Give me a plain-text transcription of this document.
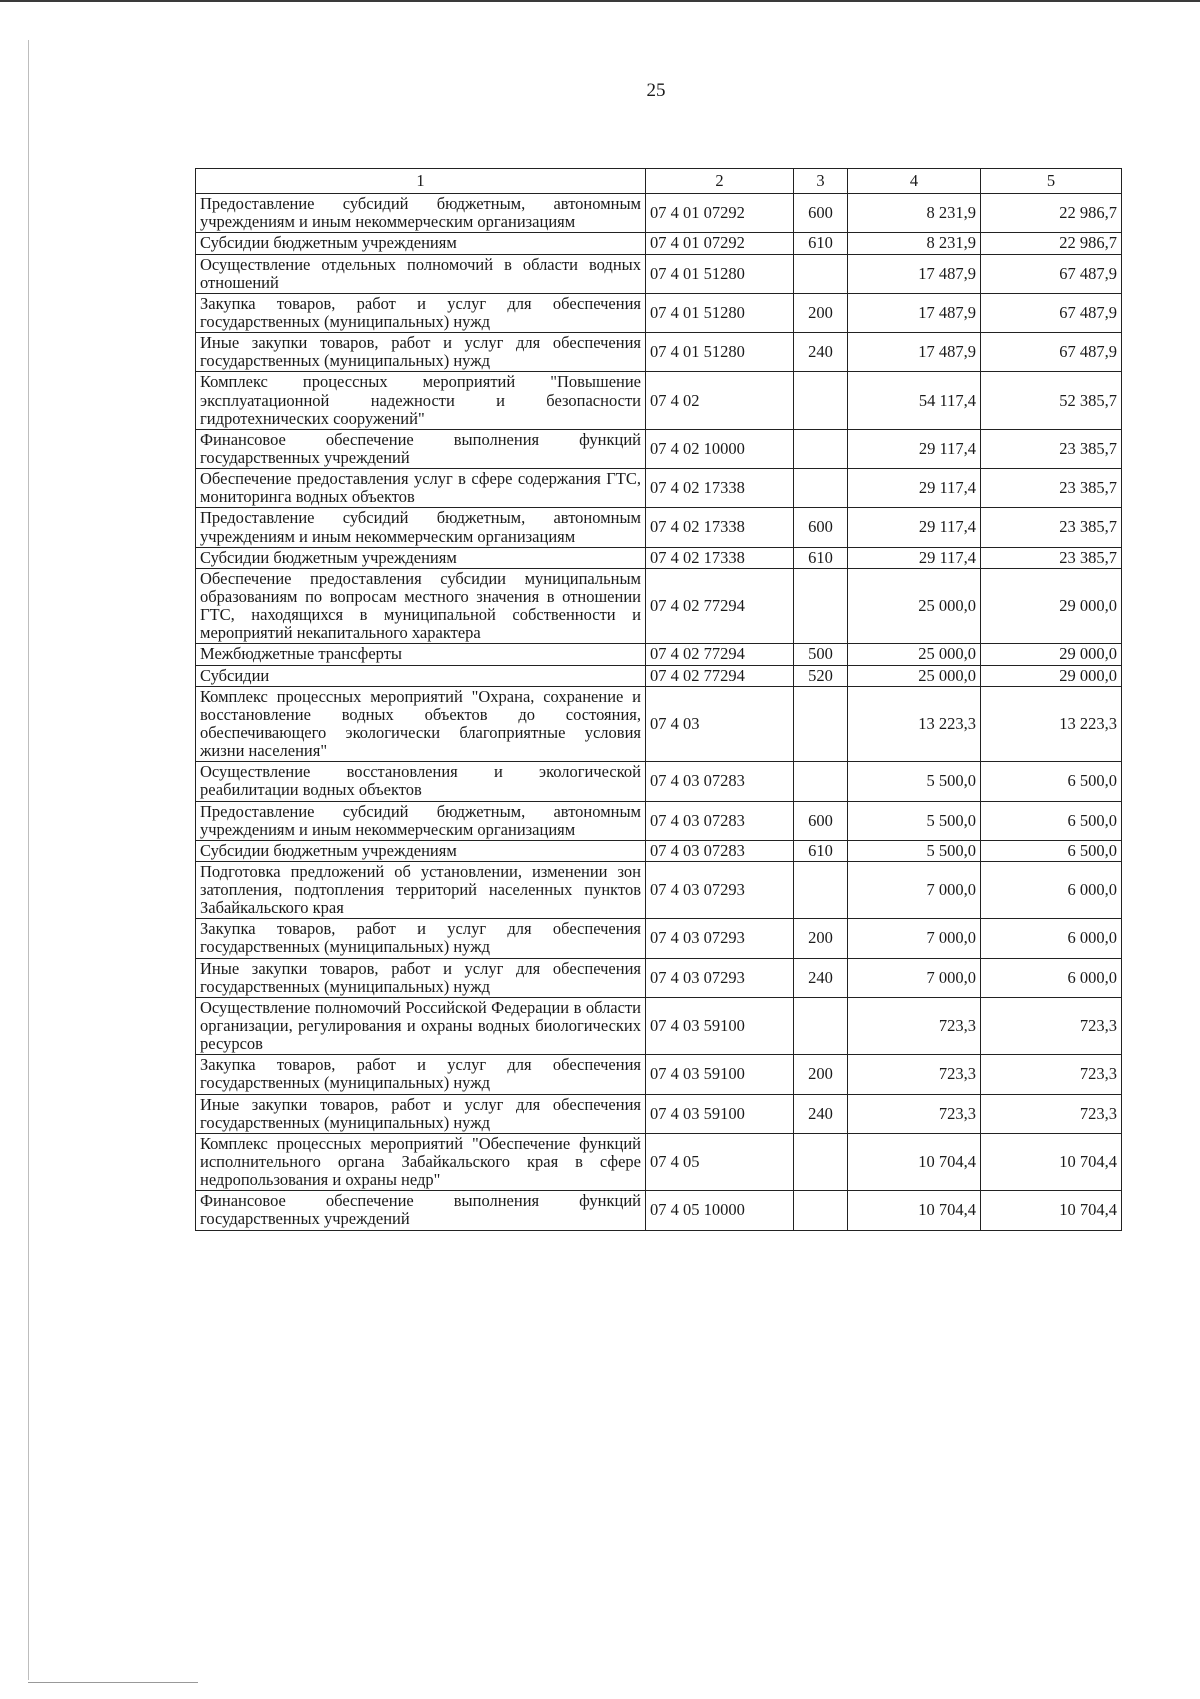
25
1	2	3	4	5
Предоставление субсидий бюджетным, автономным учреждениям и иным некоммерческим организациям	07 4 01 07292	600	8 231,9	22 986,7
Субсидии бюджетным учреждениям	07 4 01 07292	610	8 231,9	22 986,7
Осуществление отдельных полномочий в области водных отношений	07 4 01 51280		17 487,9	67 487,9
Закупка товаров, работ и услуг для обеспечения государственных (муниципальных) нужд	07 4 01 51280	200	17 487,9	67 487,9
Иные закупки товаров, работ и услуг для обеспечения государственных (муниципальных) нужд	07 4 01 51280	240	17 487,9	67 487,9
Комплекс процессных мероприятий "Повышение эксплуатационной надежности и безопасности гидротехнических сооружений"	07 4 02		54 117,4	52 385,7
Финансовое обеспечение выполнения функций государственных учреждений	07 4 02 10000		29 117,4	23 385,7
Обеспечение предоставления услуг в сфере содержания ГТС, мониторинга водных объектов	07 4 02 17338		29 117,4	23 385,7
Предоставление субсидий бюджетным, автономным учреждениям и иным некоммерческим организациям	07 4 02 17338	600	29 117,4	23 385,7
Субсидии бюджетным учреждениям	07 4 02 17338	610	29 117,4	23 385,7
Обеспечение предоставления субсидии муниципальным образованиям по вопросам местного значения в отношении ГТС, находящихся в муниципальной собственности и мероприятий некапитального характера	07 4 02 77294		25 000,0	29 000,0
Межбюджетные трансферты	07 4 02 77294	500	25 000,0	29 000,0
Субсидии	07 4 02 77294	520	25 000,0	29 000,0
Комплекс процессных мероприятий "Охрана, сохранение и восстановление водных объектов до состояния, обеспечивающего экологически благоприятные условия жизни населения"	07 4 03		13 223,3	13 223,3
Осуществление восстановления и экологической реабилитации водных объектов	07 4 03 07283		5 500,0	6 500,0
Предоставление субсидий бюджетным, автономным учреждениям и иным некоммерческим организациям	07 4 03 07283	600	5 500,0	6 500,0
Субсидии бюджетным учреждениям	07 4 03 07283	610	5 500,0	6 500,0
Подготовка предложений об установлении, изменении зон затопления, подтопления территорий населенных пунктов Забайкальского края	07 4 03 07293		7 000,0	6 000,0
Закупка товаров, работ и услуг для обеспечения государственных (муниципальных) нужд	07 4 03 07293	200	7 000,0	6 000,0
Иные закупки товаров, работ и услуг для обеспечения государственных (муниципальных) нужд	07 4 03 07293	240	7 000,0	6 000,0
Осуществление полномочий Российской Федерации в области организации, регулирования и охраны водных биологических ресурсов	07 4 03 59100		723,3	723,3
Закупка товаров, работ и услуг для обеспечения государственных (муниципальных) нужд	07 4 03 59100	200	723,3	723,3
Иные закупки товаров, работ и услуг для обеспечения государственных (муниципальных) нужд	07 4 03 59100	240	723,3	723,3
Комплекс процессных мероприятий "Обеспечение функций исполнительного органа Забайкальского края в сфере недропользования и охраны недр"	07 4 05		10 704,4	10 704,4
Финансовое обеспечение выполнения функций государственных учреждений	07 4 05 10000		10 704,4	10 704,4
